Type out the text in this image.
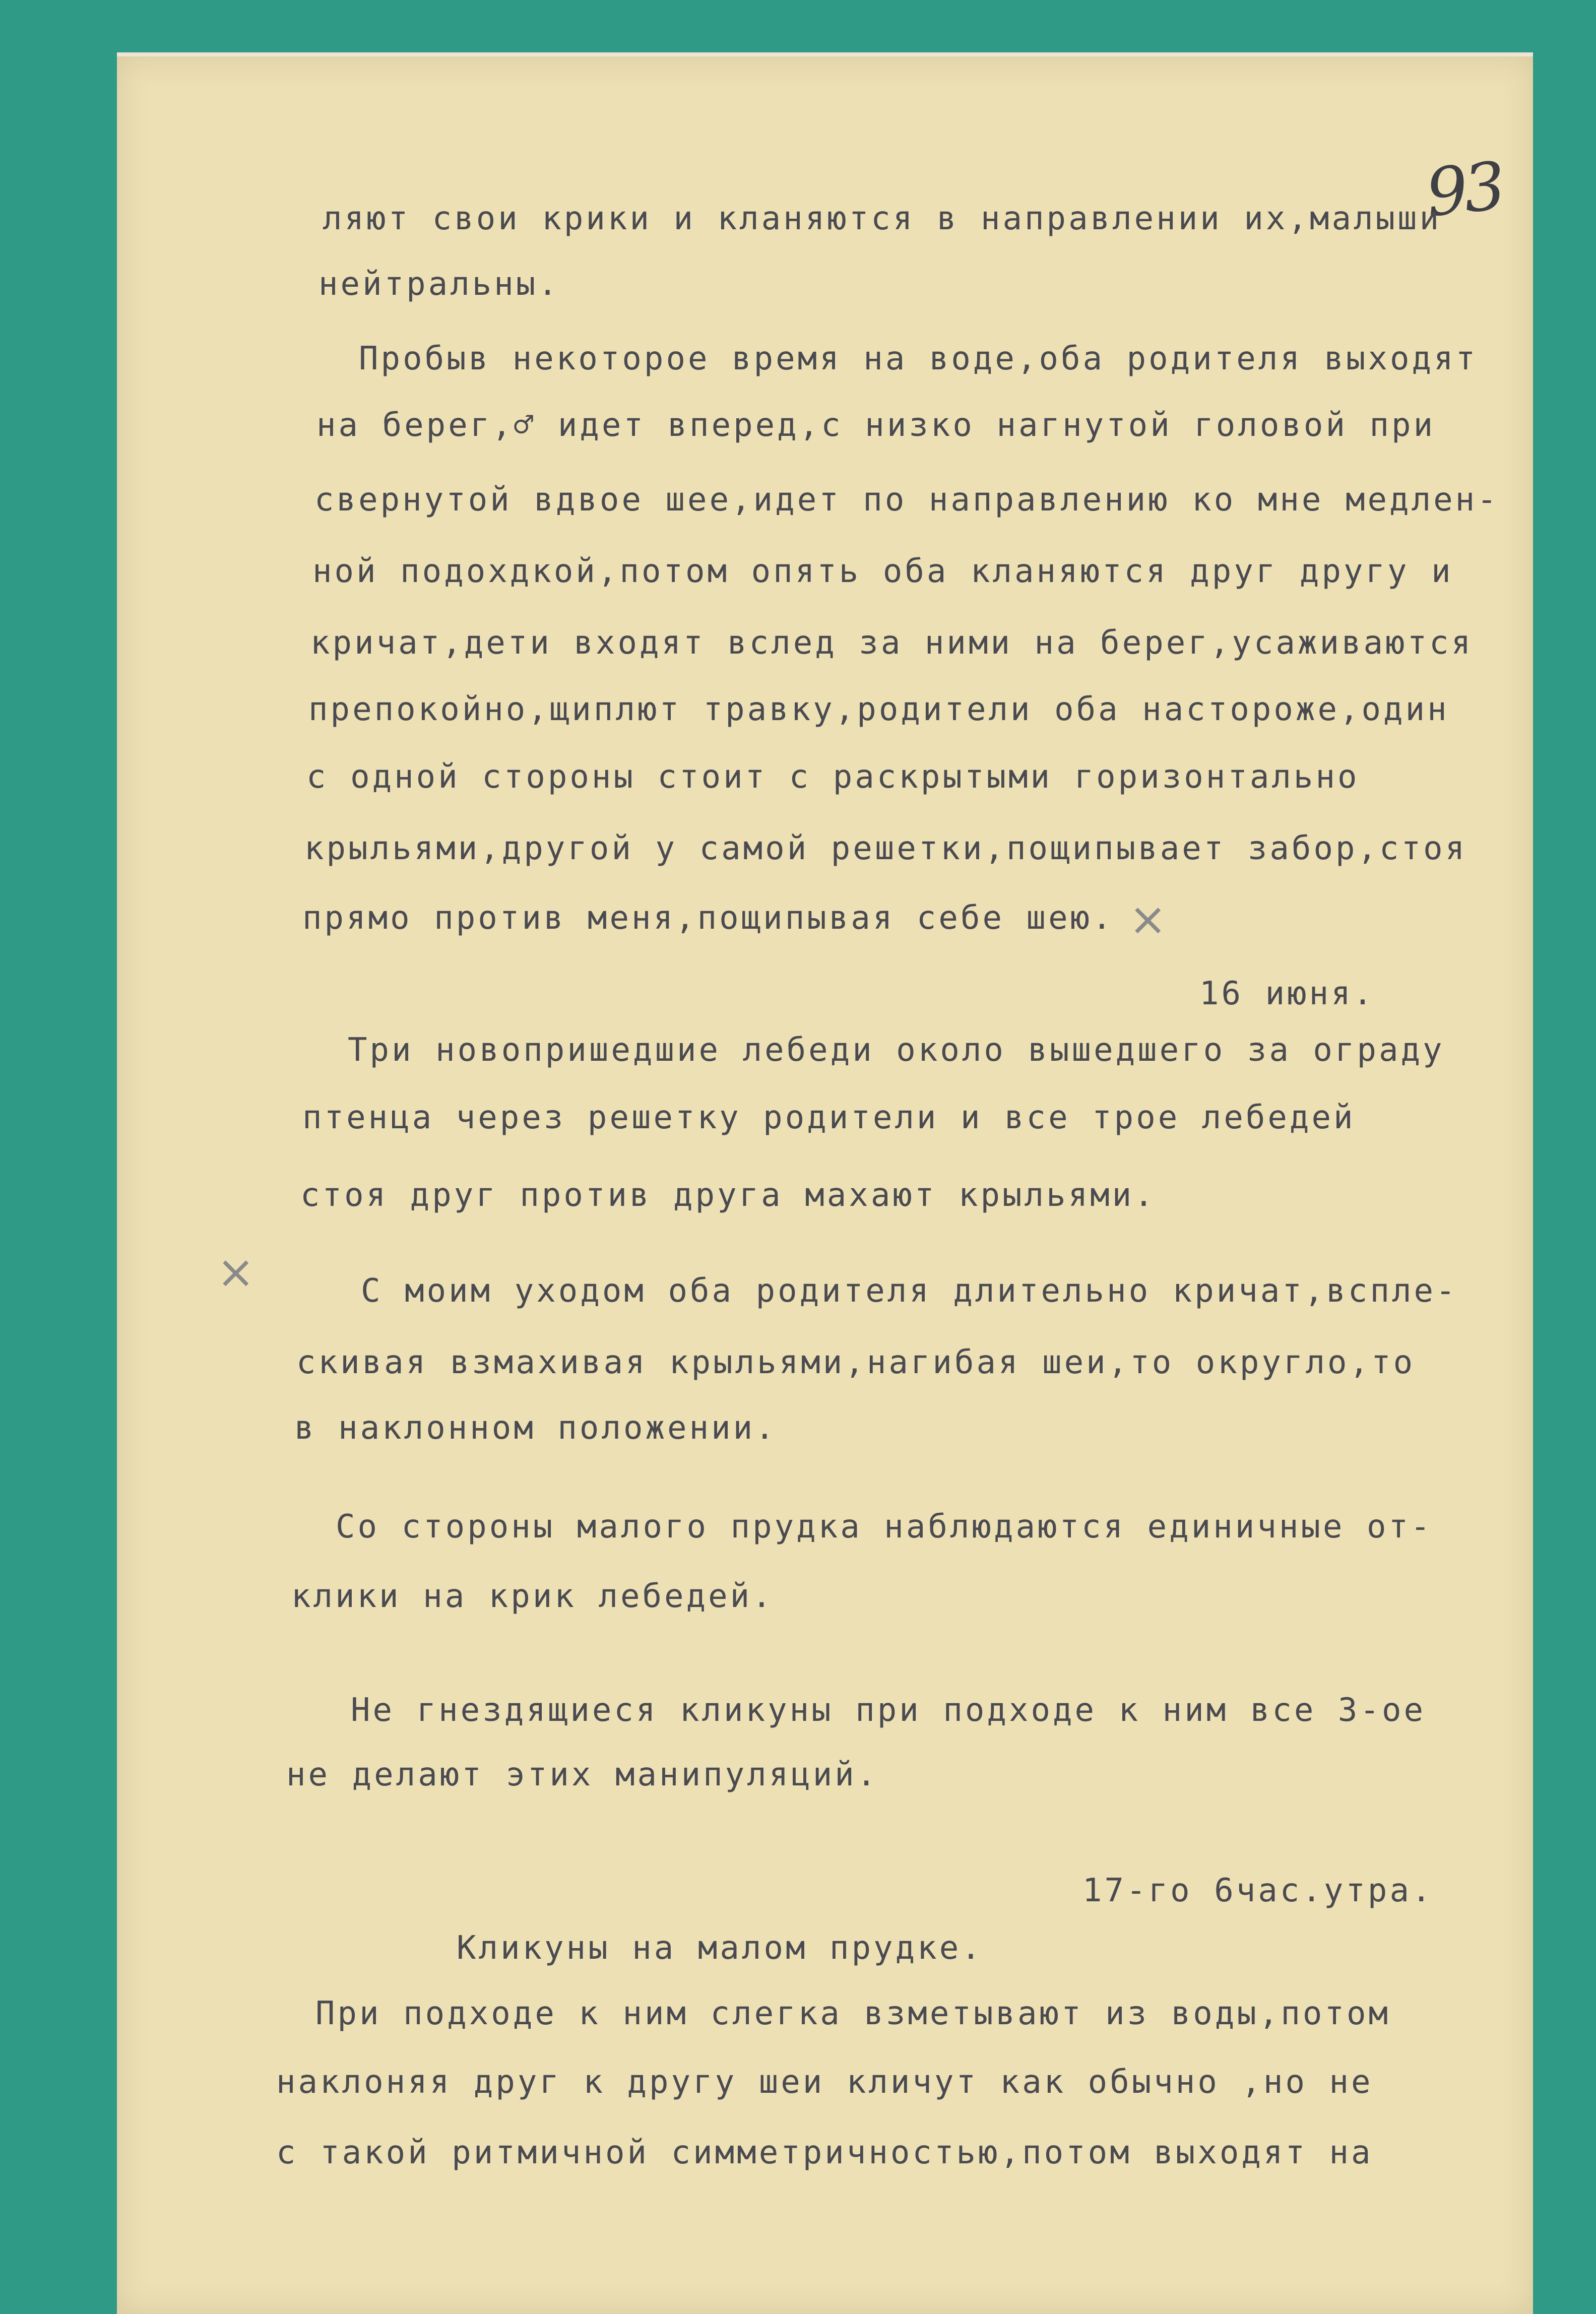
93
ляют свои крики и кланяются в направлении их,малыши
нейтральны.
Пробыв некоторое время на воде,оба родителя выходят
на берег,♂ идет вперед,с низко нагнутой головой при
свернутой вдвое шее,идет по направлению ко мне медлен-
ной подохдкой,потом опять оба кланяются друг другу и
кричат,дети входят вслед за ними на берег,усаживаются
препокойно,щиплют травку,родители оба настороже,один
с одной стороны стоит с раскрытыми горизонтально
крыльями,другой у самой решетки,пощипывает забор,стоя
прямо против меня,пощипывая себе шею.
16 июня.
Три новопришедшие лебеди около вышедшего за ограду
птенца через решетку родители и все трое лебедей
стоя друг против друга махают крыльями.
С моим уходом оба родителя длительно кричат,вспле-
скивая взмахивая крыльями,нагибая шеи,то округло,то
в наклонном положении.
Со стороны малого прудка наблюдаются единичные от-
клики на крик лебедей.
Не гнездящиеся кликуны при подходе к ним все 3-ое
не делают этих манипуляций.
17-го 6час.утра.
Кликуны на малом прудке.
При подходе к ним слегка взметывают из воды,потом
наклоняя друг к другу шеи кличут как обычно ,но не
с такой ритмичной симметричностью,потом выходят на
×
×
